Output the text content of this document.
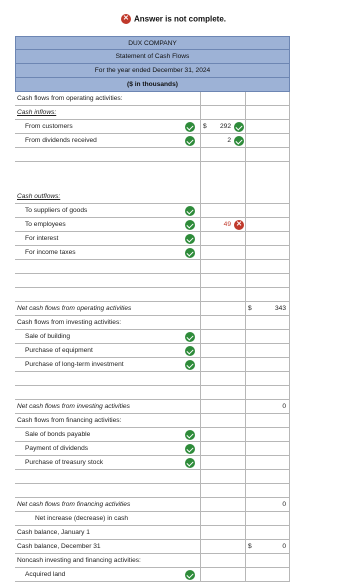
✕ Answer is not complete.
DUX COMPANY
Statement of Cash Flows
For the year ended December 31, 2024
($ in thousands)
Cash flows from operating activities:
Cash inflows:
From customers	$ 292
From dividends received	2
Cash outflows:
To suppliers of goods
To employees	49 ✕
For interest
For income taxes
Net cash flows from operating activities	$	343
Cash flows from investing activities:
Sale of building
Purchase of equipment
Purchase of long-term investment
Net cash flows from investing activities	0
Cash flows from financing activities:
Sale of bonds payable
Payment of dividends
Purchase of treasury stock
Net cash flows from financing activities	0
Net increase (decrease) in cash
Cash balance, January 1
Cash balance, December 31	$	0
Noncash investing and financing activities:
Acquired land
